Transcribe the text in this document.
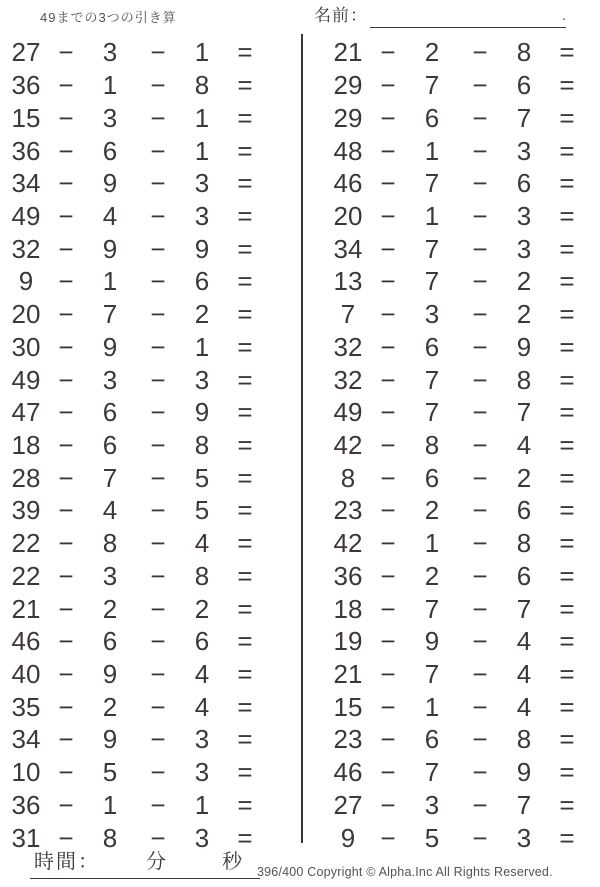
49までの3つの引き算	名前：	.
27 −	3	−	1	=
36 −	1	−	8	=
15 −	3	−	1	=
36 −	6	−	1	=
34 −	9	−	3	=
49 −	4	−	3	=
32 −	9	−	9	=
9 −	1	−	6	=
20 −	7	−	2	=
30 −	9	−	1	=
49 −	3	−	3	=
47 −	6	−	9	=
18 −	6	−	8	=
28 −	7	−	5	=
39 −	4	−	5	=
22 −	8	−	4	=
22 −	3	−	8	=
21 −	2	−	2	=
46 −	6	−	6	=
40 −	9	−	4	=
35 −	2	−	4	=
34 −	9	−	3	=
10 −	5	−	3	=
36 −	1	−	1	=
31 −	8	−	3	=
21 −	2	−	8	=
29 −	7	−	6	=
29 −	6	−	7	=
48 −	1	−	3	=
46 −	7	−	6	=
20 −	1	−	3	=
34 −	7	−	3	=
13 −	7	−	2	=
7 −	3	−	2	=
32 −	6	−	9	=
32 −	7	−	8	=
49 −	7	−	7	=
42 −	8	−	4	=
8 −	6	−	2	=
23 −	2	−	6	=
42 −	1	−	8	=
36 −	2	−	6	=
18 −	7	−	7	=
19 −	9	−	4	=
21 −	7	−	4	=
15 −	1	−	4	=
23 −	6	−	8	=
46 −	7	−	9	=
27 −	3	−	7	=
9 −	5	−	3	=
時間： 分	秒 396/400 Copyright © Alpha.Inc All Rights Reserved.
